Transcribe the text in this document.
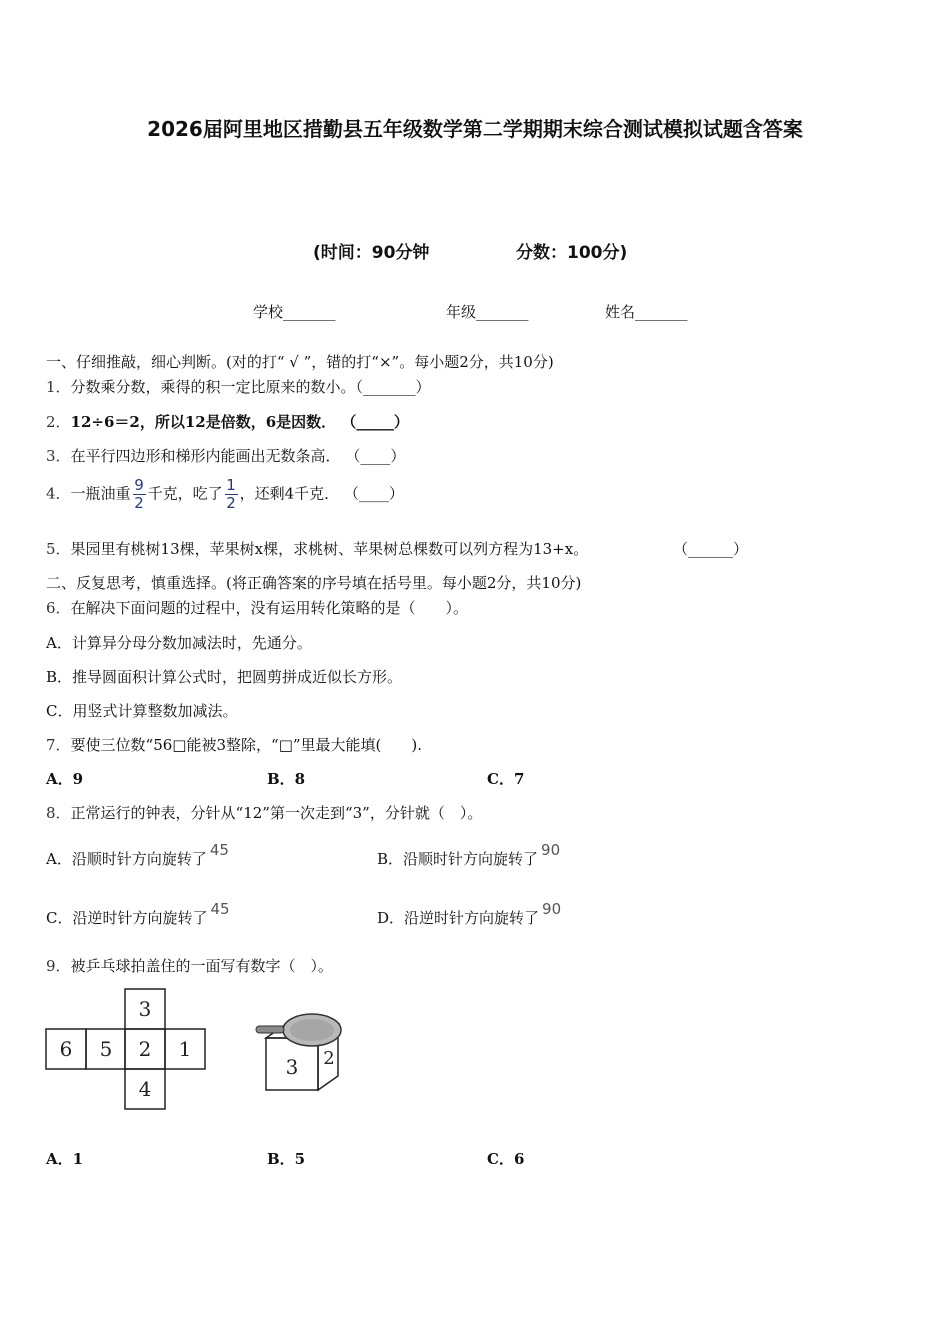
2026届阿里地区措勤县五年级数学第二学期期末综合测试模拟试题含答案
(时间：90分钟	分数：100分)
学校_______	年级_______	姓名_______
一、仔细推敲，细心判断。(对的打“ √ ”，错的打“×”。每小题2分，共10分)
1．分数乘分数，乘得的积一定比原来的数小。（_______）
2．12÷6＝2，所以12是倍数，6是因数． （_____）
3．在平行四边形和梯形内能画出无数条高． （____）
4．一瓶油重 $\frac{9}{2}$ 千克，吃了 $\frac{1}{2}$ ，还剩4千克． （____）
5．果园里有桃树13棵，苹果树x棵，求桃树、苹果树总棵数可以列方程为13+x。	（______）
二、反复思考，慎重选择。(将正确答案的序号填在括号里。每小题2分，共10分)
6．在解决下面问题的过程中，没有运用转化策略的是（　　）。
A．计算异分母分数加减法时，先通分。
B．推导圆面积计算公式时，把圆剪拼成近似长方形。
C．用竖式计算整数加减法。
7．要使三位数“56□能被3整除，“□”里最大能填(　　).
A．9	B．8	C．7
8．正常运行的钟表，分针从“12”第一次走到“3”，分针就（　）。
A．沿顺时针方向旋转了 45	B．沿顺时针方向旋转了 90
C．沿逆时针方向旋转了 45	D．沿逆时针方向旋转了 90
9．被乒乓球拍盖住的一面写有数字（　）。
3
6 5 2 1
4
3 2
A．1	B．5	C．6
